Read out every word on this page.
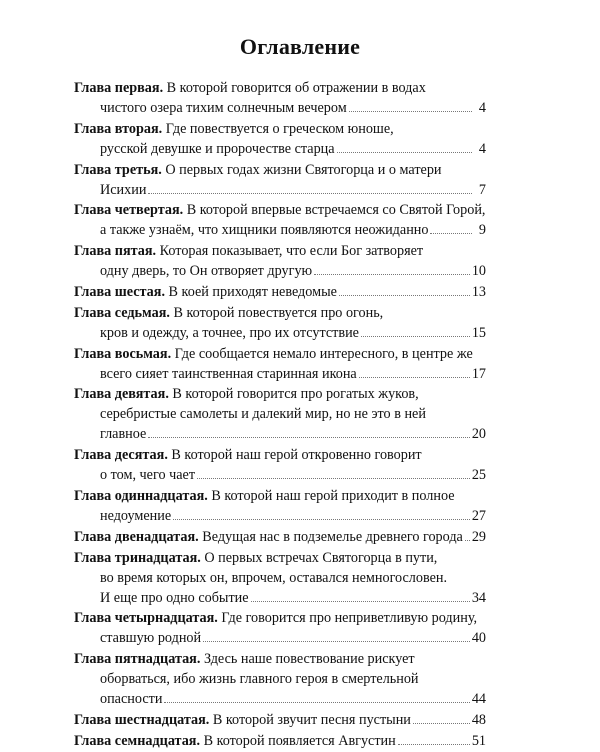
Оглавление
Глава первая. В которой говорится об отражении в водах
чистого озера тихим солнечным вечером	4
Глава вторая. Где повествуется о греческом юноше,
русской девушке и пророчестве старца	4
Глава третья. О первых годах жизни Святогорца и о матери
Исихии	7
Глава четвертая. В которой впервые встречаемся со Святой Горой,
а также узнаём, что хищники появляются неожиданно	9
Глава пятая. Которая показывает, что если Бог затворяет
одну дверь, то Он отворяет другую	10
Глава шестая. В коей приходят неведомые	13
Глава седьмая. В которой повествуется про огонь,
кров и одежду, а точнее, про их отсутствие	15
Глава восьмая. Где сообщается немало интересного, в центре же
всего сияет таинственная старинная икона	17
Глава девятая. В которой говорится про рогатых жуков,
серебристые самолеты и далекий мир, но не это в ней
главное	20
Глава десятая. В которой наш герой откровенно говорит
о том, чего чает	25
Глава одиннадцатая. В которой наш герой приходит в полное
недоумение	27
Глава двенадцатая. Ведущая нас в подземелье древнего города 29
Глава тринадцатая. О первых встречах Святогорца в пути,
во время которых он, впрочем, оставался немногословен.
И еще про одно событие	34
Глава четырнадцатая. Где говорится про неприветливую родину,
ставшую родной	40
Глава пятнадцатая. Здесь наше повествование рискует
оборваться, ибо жизнь главного героя в смертельной
опасности	44
Глава шестнадцатая. В которой звучит песня пустыни	48
Глава семнадцатая. В которой появляется Августин	51
